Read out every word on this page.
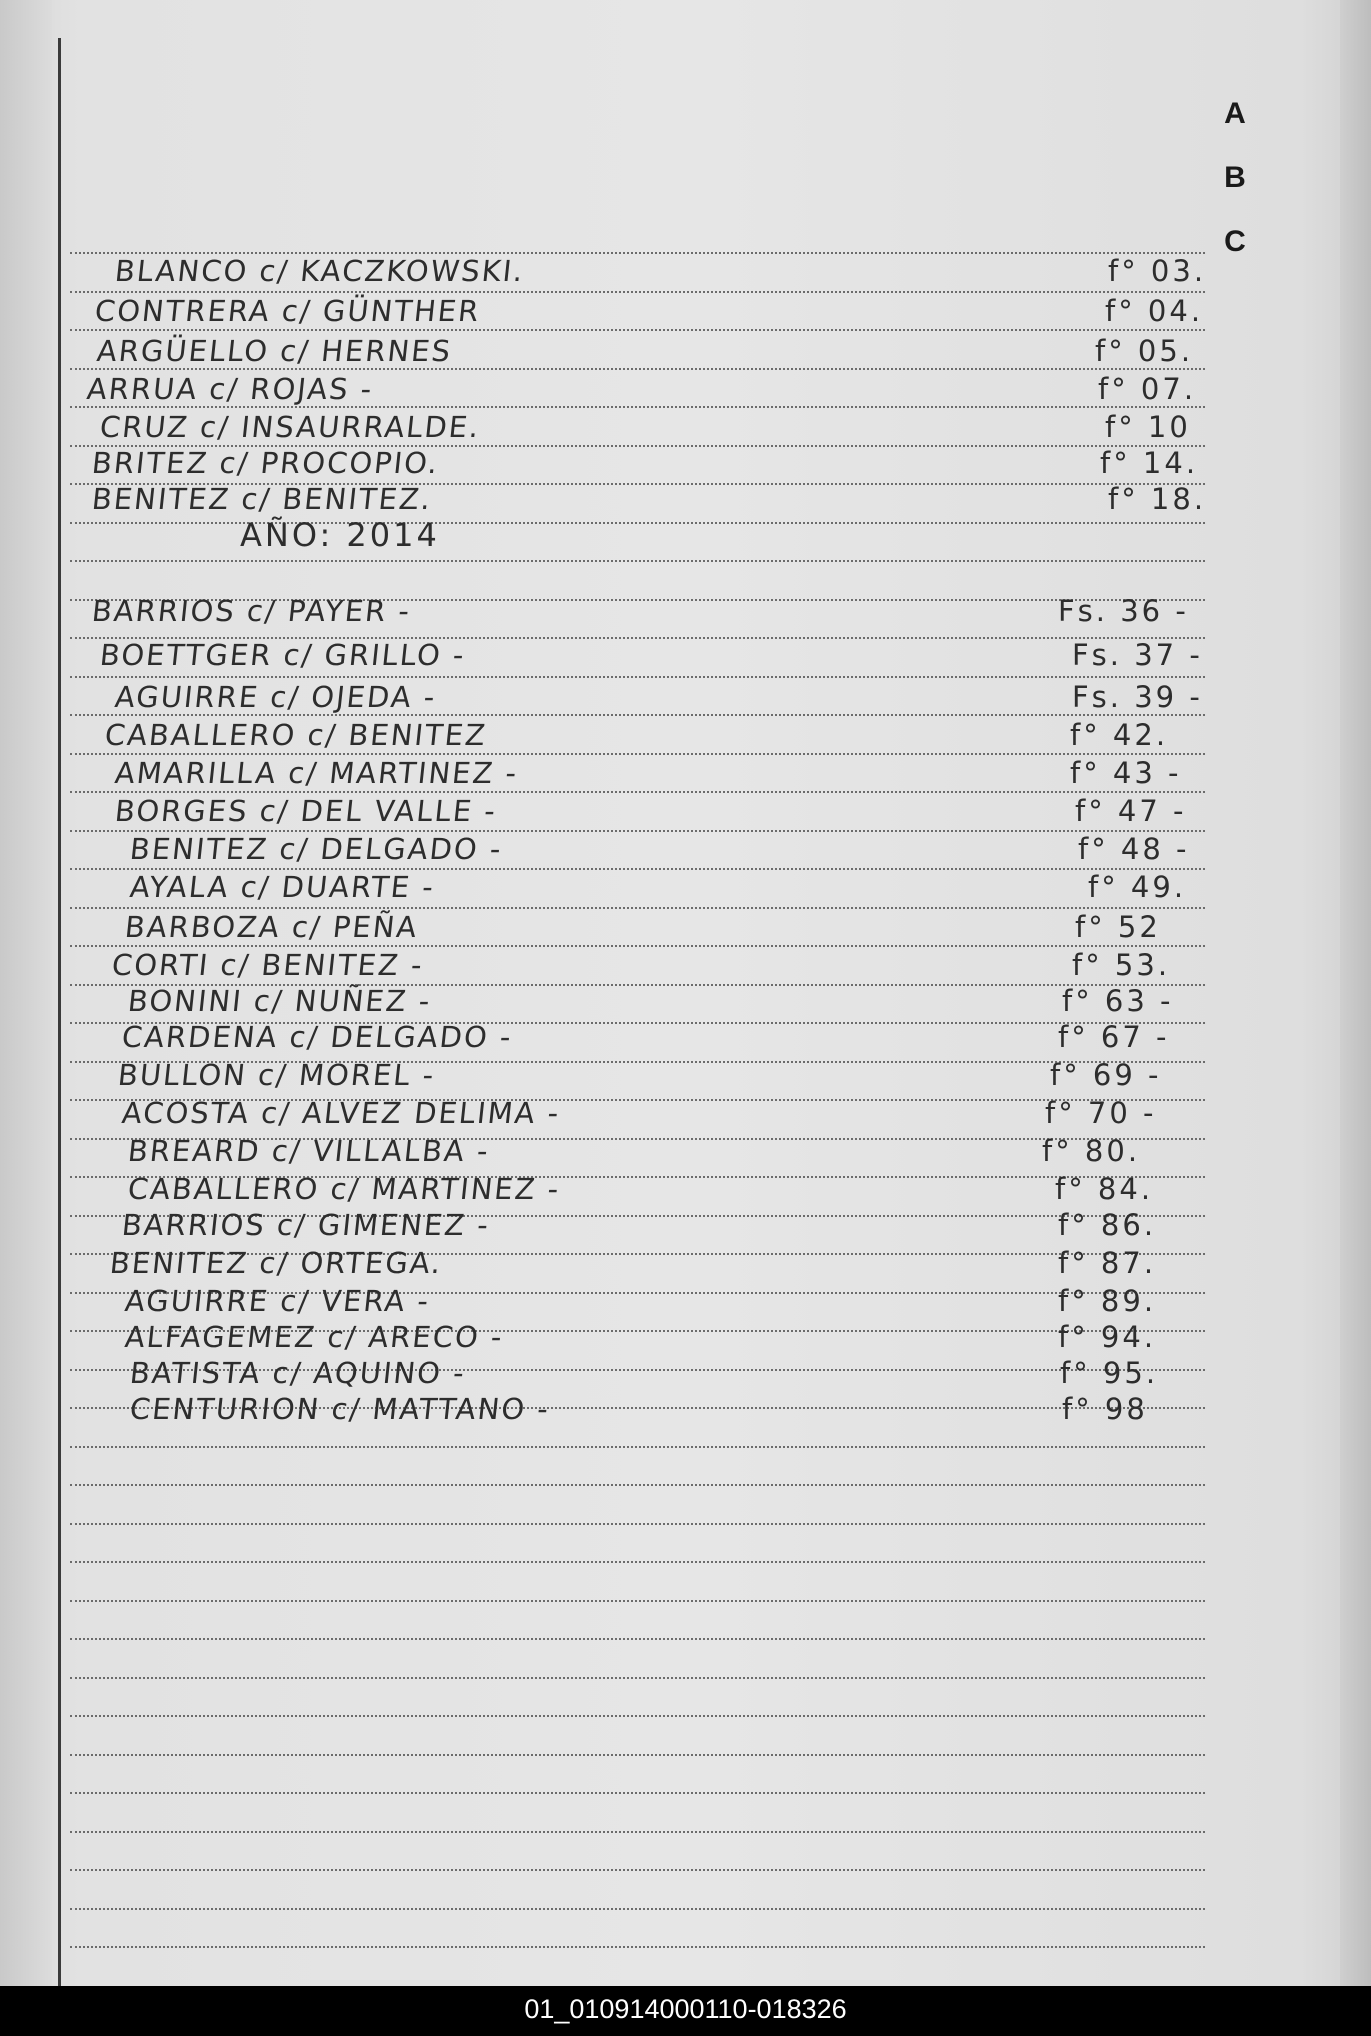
A
B
C
BLANCO c/ KACZKOWSKI.	f° 03.
CONTRERA c/ GÜNTHER	f° 04.
ARGÜELLO c/ HERNES	f° 05.
ARRUA c/ ROJAS -	f° 07.
CRUZ c/ INSAURRALDE.	f° 10
BRITEZ c/ PROCOPIO.	f° 14.
BENITEZ c/ BENITEZ.	f° 18.
AÑO: 2014
BARRIOS c/ PAYER -	Fs. 36 -
BOETTGER c/ GRILLO -	Fs. 37 -
AGUIRRE c/ OJEDA -	Fs. 39 -
CABALLERO c/ BENITEZ	f° 42.
AMARILLA c/ MARTINEZ -	f° 43 -
BORGES c/ DEL VALLE -	f° 47 -
BENITEZ c/ DELGADO -	f° 48 -
AYALA c/ DUARTE -	f° 49.
BARBOZA c/ PEÑA	f° 52
CORTI c/ BENITEZ -	f° 53.
BONINI c/ NUÑEZ -	f° 63 -
CARDENA c/ DELGADO -	f° 67 -
BULLON c/ MOREL -	f° 69 -
ACOSTA c/ ALVEZ DELIMA -	f° 70 -
BREARD c/ VILLALBA -	f° 80.
CABALLERO c/ MARTINEZ -	f° 84.
BARRIOS c/ GIMENEZ -	f° 86.
BENITEZ c/ ORTEGA.	f° 87.
AGUIRRE c/ VERA -	f° 89.
ALFAGEMEZ c/ ARECO -	f° 94.
BATISTA c/ AQUINO -	f° 95.
CENTURION c/ MATTANO -	f° 98
01_010914000110-018326
